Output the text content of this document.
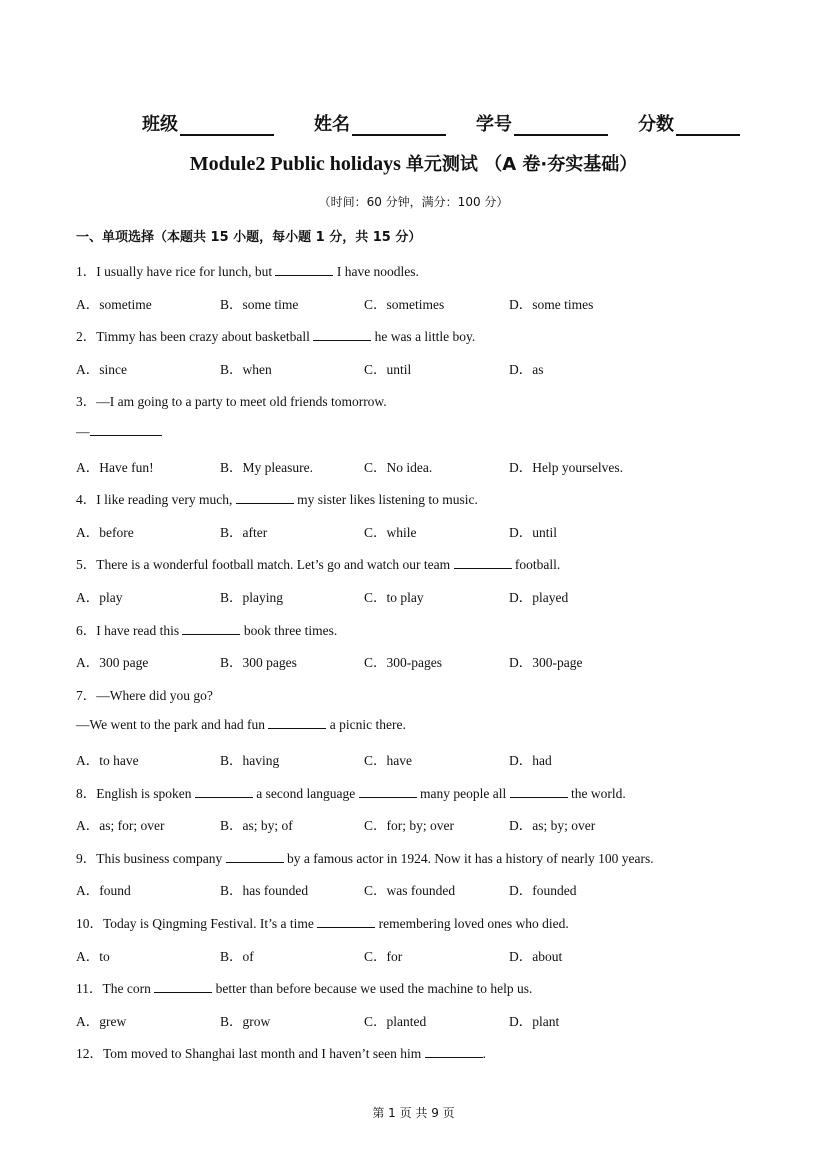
班级	姓名	学号	分数
Module2 Public holidays 单元测试 （A 卷·夯实基础）
（时间：60 分钟，满分：100 分）
一、单项选择（本题共 15 小题，每小题 1 分，共 15 分）
1．I usually have rice for lunch, but	I have noodles.
A．sometime	B．some time	C．sometimes	D．some times
2．Timmy has been crazy about basketball	he was a little boy.
A．since	B．when	C．until	D．as
3．—I am going to a party to meet old friends tomorrow.
—
A．Have fun!	B．My pleasure.	C．No idea.	D．Help yourselves.
4．I like reading very much,	my sister likes listening to music.
A．before	B．after	C．while	D．until
5．There is a wonderful football match. Let’s go and watch our team	football.
A．play	B．playing	C．to play	D．played
6．I have read this	book three times.
A．300 page	B．300 pages	C．300-pages	D．300-page
7．—Where did you go?
—We went to the park and had fun	a picnic there.
A．to have	B．having	C．have	D．had
8．English is spoken	a second language	many people all	the world.
A．as; for; over	B．as; by; of	C．for; by; over	D．as; by; over
9．This business company	by a famous actor in 1924. Now it has a history of nearly 100 years.
A．found	B．has founded	C．was founded	D．founded
10．Today is Qingming Festival. It’s a time	remembering loved ones who died.
A．to	B．of	C．for	D．about
11．The corn	better than before because we used the machine to help us.
A．grew	B．grow	C．planted	D．plant
12．Tom moved to Shanghai last month and I haven’t seen him	.
第 1 页 共 9 页
